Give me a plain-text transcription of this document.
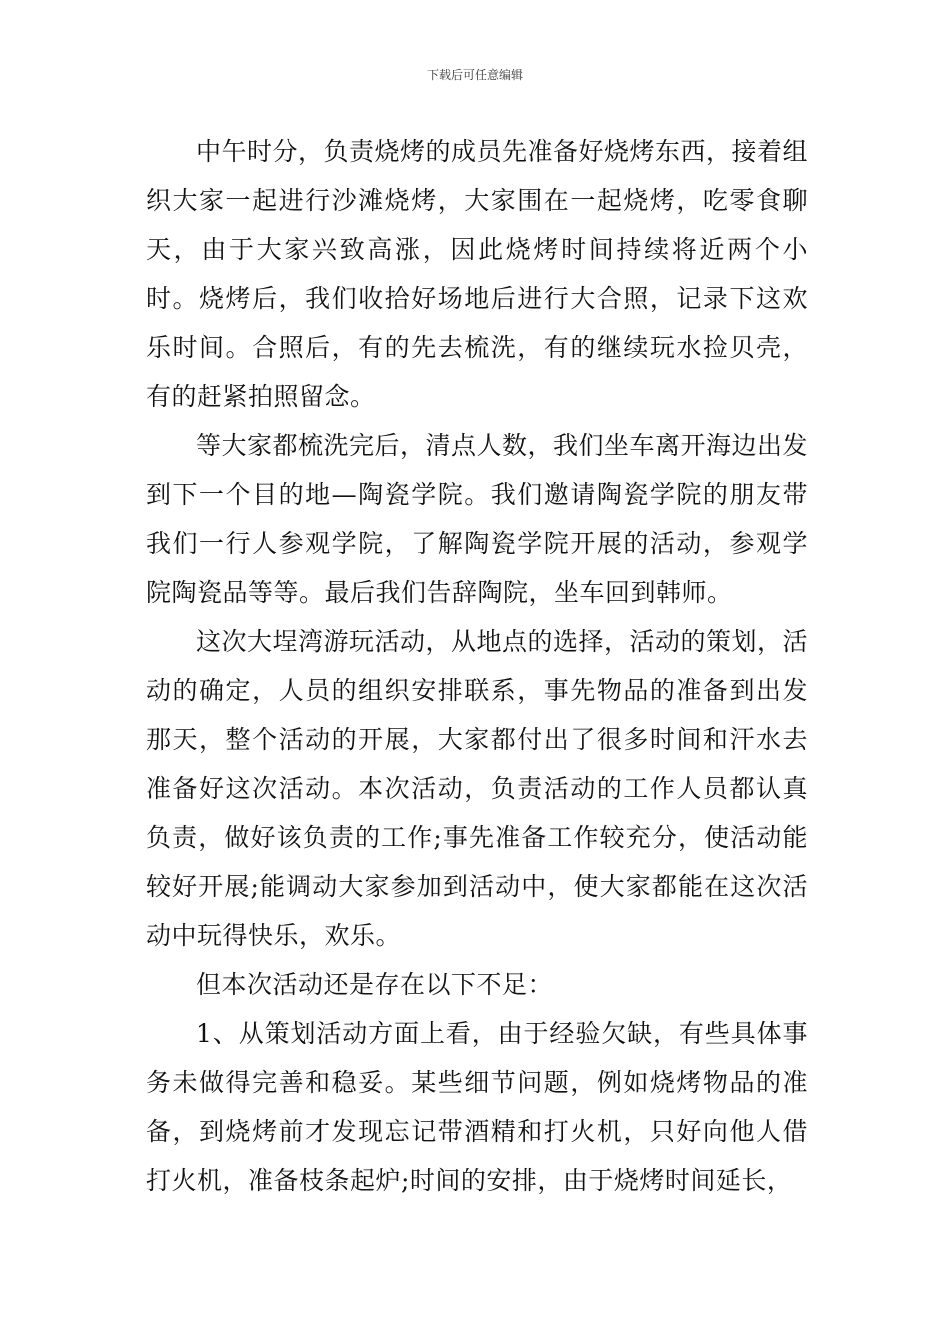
下载后可任意编辑

中午时分，负责烧烤的成员先准备好烧烤东西，接着组织大家一起进行沙滩烧烤，大家围在一起烧烤，吃零食聊天，由于大家兴致高涨，因此烧烤时间持续将近两个小时。烧烤后，我们收拾好场地后进行大合照，记录下这欢乐时间。合照后，有的先去梳洗，有的继续玩水捡贝壳，有的赶紧拍照留念。

等大家都梳洗完后，清点人数，我们坐车离开海边出发到下一个目的地—陶瓷学院。我们邀请陶瓷学院的朋友带我们一行人参观学院，了解陶瓷学院开展的活动，参观学院陶瓷品等等。最后我们告辞陶院，坐车回到韩师。

这次大埕湾游玩活动，从地点的选择，活动的策划，活动的确定，人员的组织安排联系，事先物品的准备到出发那天，整个活动的开展，大家都付出了很多时间和汗水去准备好这次活动。本次活动，负责活动的工作人员都认真负责，做好该负责的工作;事先准备工作较充分，使活动能较好开展;能调动大家参加到活动中，使大家都能在这次活动中玩得快乐，欢乐。

但本次活动还是存在以下不足：

1、从策划活动方面上看，由于经验欠缺，有些具体事务未做得完善和稳妥。某些细节问题，例如烧烤物品的准备，到烧烤前才发现忘记带酒精和打火机，只好向他人借打火机，准备枝条起炉;时间的安排，由于烧烤时间延长，
